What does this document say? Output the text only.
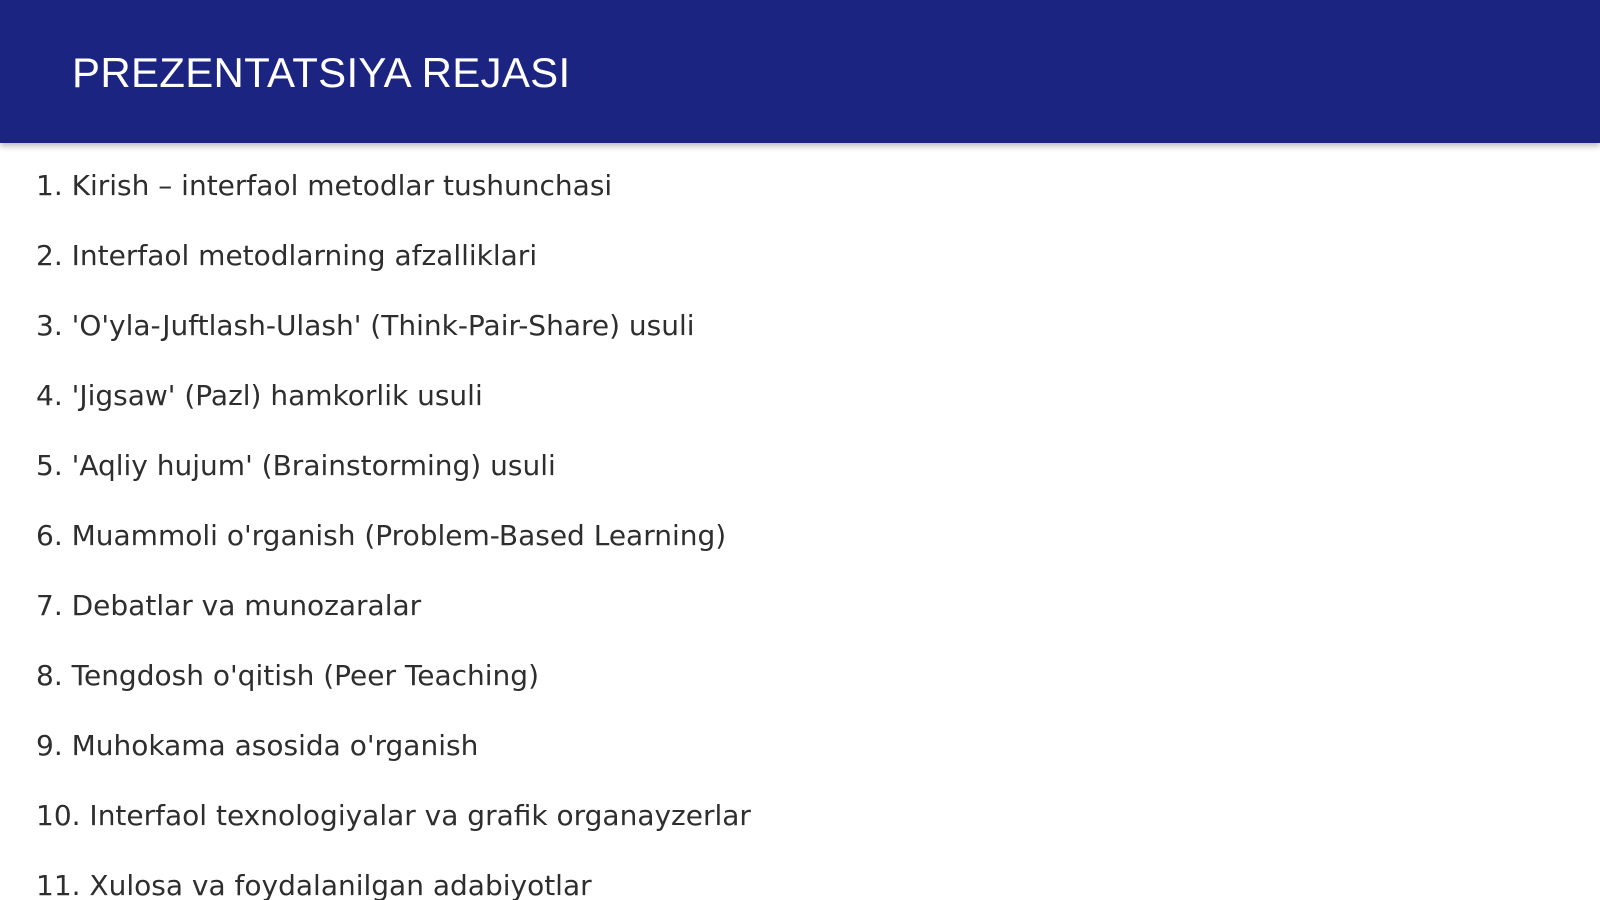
PREZENTATSIYA REJASI
1. Kirish – interfaol metodlar tushunchasi
2. Interfaol metodlarning afzalliklari
3. 'O'yla-Juftlash-Ulash' (Think-Pair-Share) usuli
4. 'Jigsaw' (Pazl) hamkorlik usuli
5. 'Aqliy hujum' (Brainstorming) usuli
6. Muammoli o'rganish (Problem-Based Learning)
7. Debatlar va munozaralar
8. Tengdosh o'qitish (Peer Teaching)
9. Muhokama asosida o'rganish
10. Interfaol texnologiyalar va grafik organayzerlar
11. Xulosa va foydalanilgan adabiyotlar
